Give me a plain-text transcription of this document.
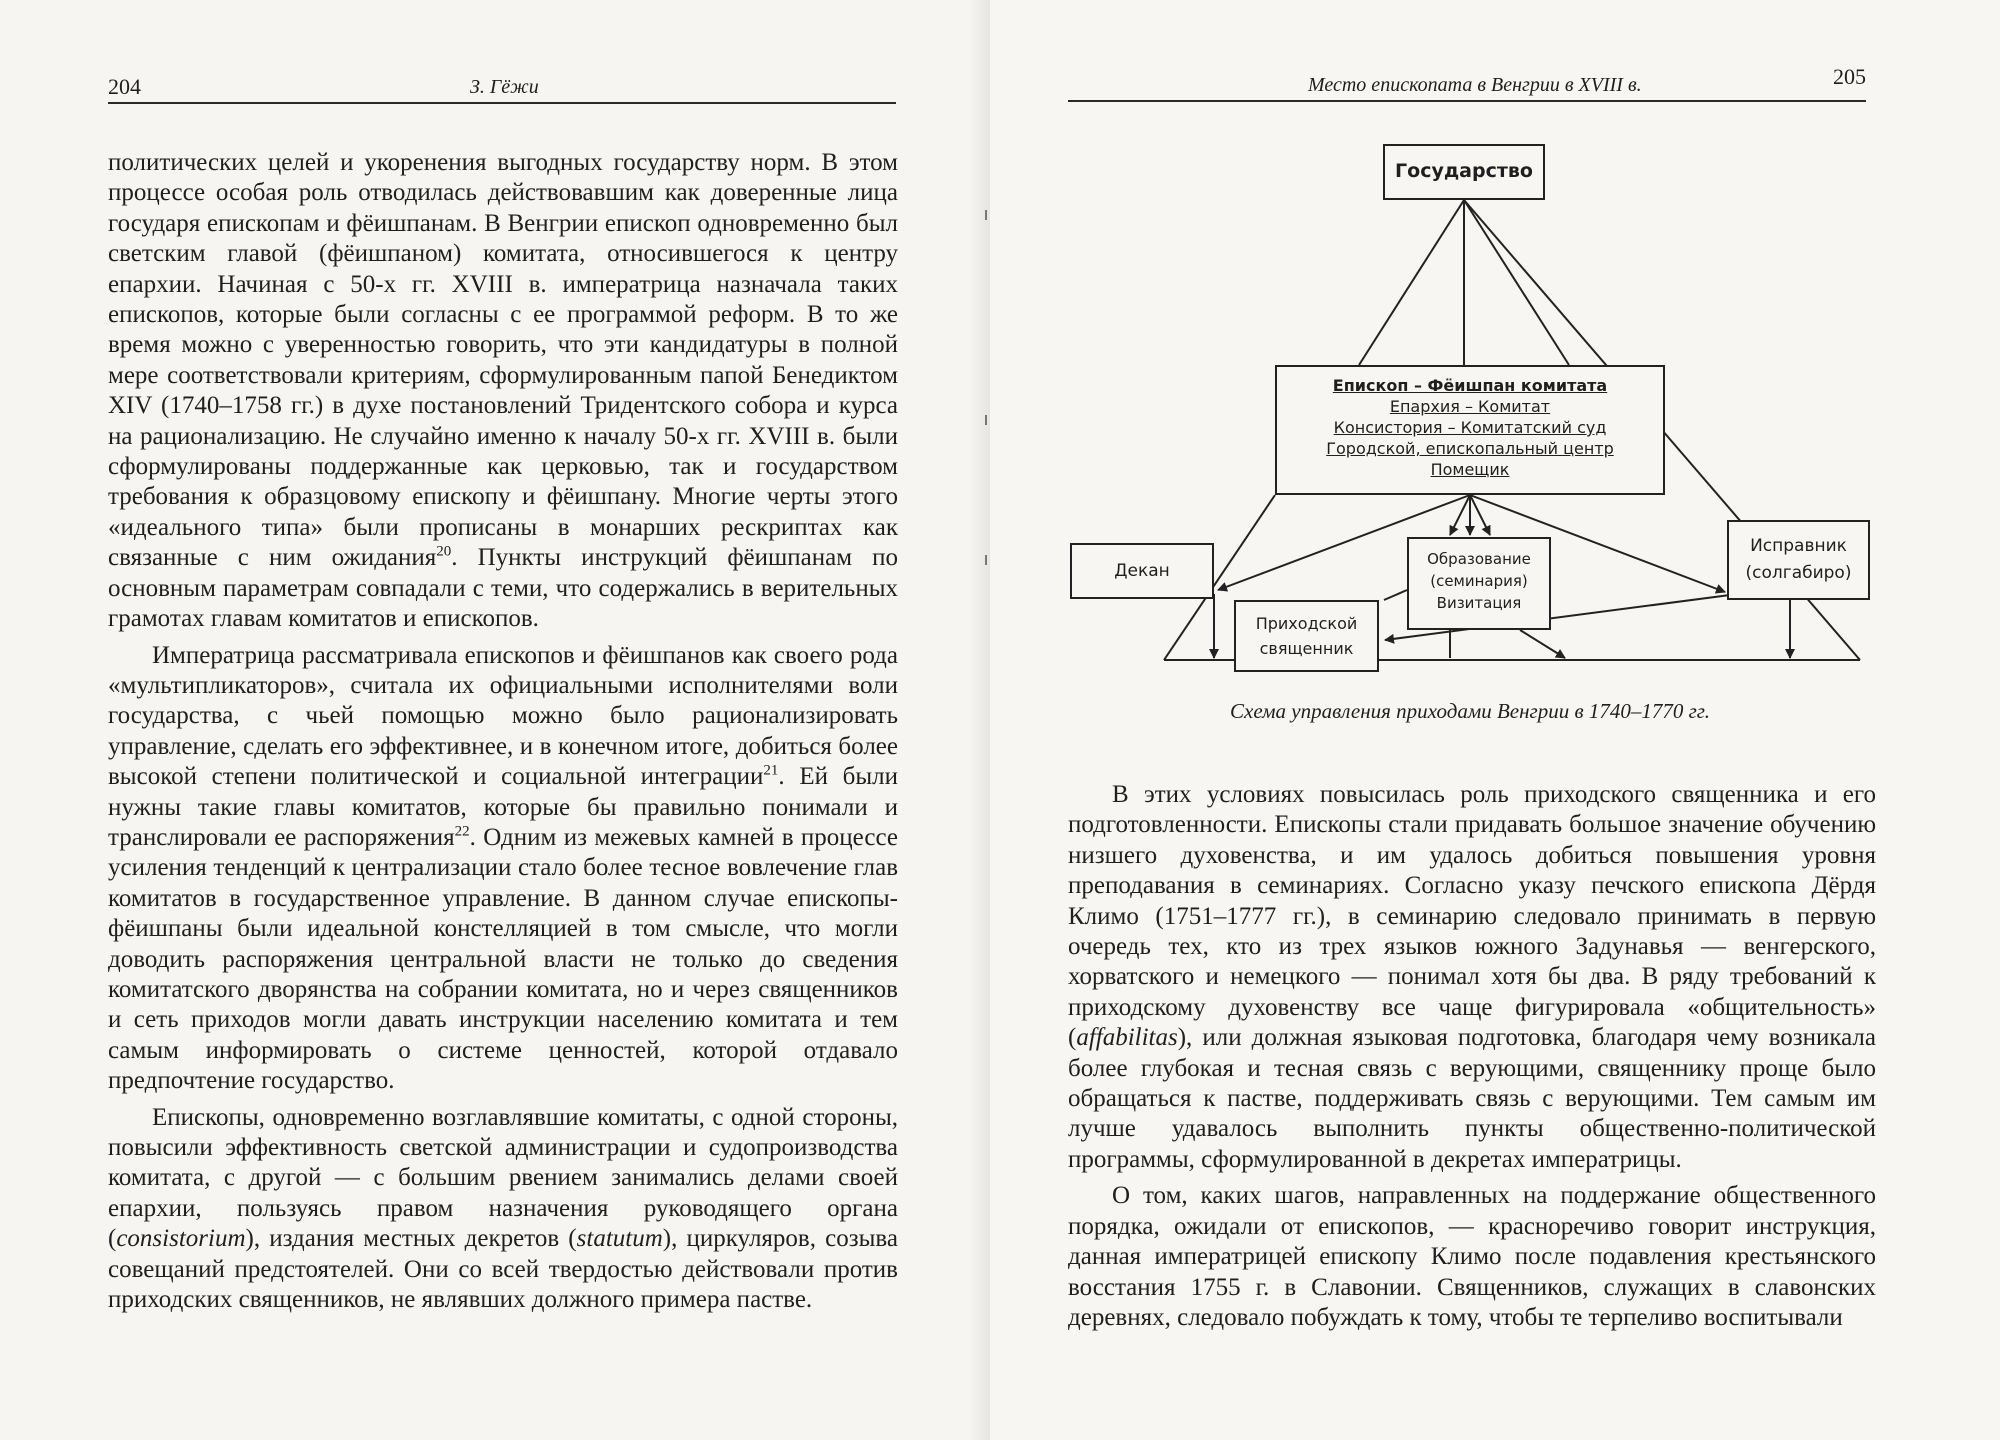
204	З. Гёжи

политических целей и укоренения выгодных государству норм. В этом процессе особая роль отводилась действовавшим как доверенные лица государя епископам и фёишпанам. В Венгрии епископ одновременно был светским главой (фёишпаном) комитата, относившегося к центру епархии. Начиная с 50-х гг. XVIII в. императрица назначала таких епископов, которые были согласны с ее программой реформ. В то же время можно с уверенностью говорить, что эти кандидатуры в полной мере соответствовали критериям, сформулированным папой Бенедиктом XIV (1740–1758 гг.) в духе постановлений Тридентского собора и курса на рационализацию. Не случайно именно к началу 50-х гг. XVIII в. были сформулированы поддержанные как церковью, так и государством требования к образцовому епископу и фёишпану. Многие черты этого «идеального типа» были прописаны в монарших рескриптах как связанные с ним ожидания$^{20}$. Пункты инструкций фёишпанам по основным параметрам совпадали с теми, что содержались в верительных грамотах главам комитатов и епископов.

Императрица рассматривала епископов и фёишпанов как своего рода «мультипликаторов», считала их официальными исполнителями воли государства, с чьей помощью можно было рационализировать управление, сделать его эффективнее, и в конечном итоге, добиться более высокой степени политической и социальной интеграции$^{21}$. Ей были нужны такие главы комитатов, которые бы правильно понимали и транслировали ее распоряжения$^{22}$. Одним из межевых камней в процессе усиления тенденций к централизации стало более тесное вовлечение глав комитатов в государственное управление. В данном случае епископы-фёишпаны были идеальной констелляцией в том смысле, что могли доводить распоряжения центральной власти не только до сведения комитатского дворянства на собрании комитата, но и через священников и сеть приходов могли давать инструкции населению комитата и тем самым информировать о системе ценностей, которой отдавало предпочтение государство.

Епископы, одновременно возглавлявшие комитаты, с одной стороны, повысили эффективность светской администрации и судопроизводства комитата, с другой — с большим рвением занимались делами своей епархии, пользуясь правом назначения руководящего органа (consistorium), издания местных декретов (statutum), циркуляров, созыва совещаний предстоятелей. Они со всей твердостью действовали против приходских священников, не являвших должного примера пастве.

Место епископата в Венгрии в XVIII в.	205
Государство
Епископ – Фёишпан комитата
Епархия – Комитат
Консистория – Комитатский суд
Городской, епископальный центр
Помещик
Декан
Образование
(семинария)
Визитация
Приходской
священник
Исправник
(солгабиро)
Схема управления приходами Венгрии в 1740–1770 гг.

В этих условиях повысилась роль приходского священника и его подготовленности. Епископы стали придавать большое значение обучению низшего духовенства, и им удалось добиться повышения уровня преподавания в семинариях. Согласно указу печского епископа Дёрдя Климо (1751–1777 гг.), в семинарию следовало принимать в первую очередь тех, кто из трех языков южного Задунавья — венгерского, хорватского и немецкого — понимал хотя бы два. В ряду требований к приходскому духовенству все чаще фигурировала «общительность» (affabilitas), или должная языковая подготовка, благодаря чему возникала более глубокая и тесная связь с верующими, священнику проще было обращаться к пастве, поддерживать связь с верующими. Тем самым им лучше удавалось выполнить пункты общественно-политической программы, сформулированной в декретах императрицы.

О том, каких шагов, направленных на поддержание общественного порядка, ожидали от епископов, — красноречиво говорит инструкция, данная императрицей епископу Климо после подавления крестьянского восстания 1755 г. в Славонии. Священников, служащих в славонских деревнях, следовало побуждать к тому, чтобы те терпеливо воспитывали
